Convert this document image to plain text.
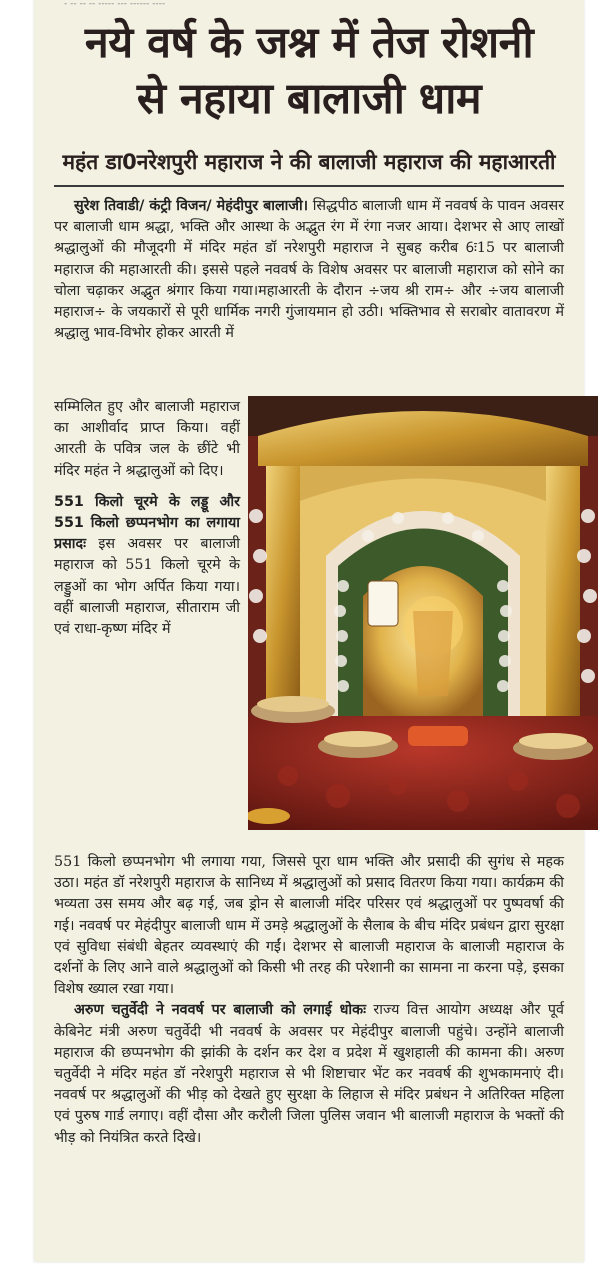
‐ ‐‐ ‐‐ ‐‐ ‐‐‐‐‐ ‐‐‐ ‐‐‐‐‐‐ ‐‐‐‐
नये वर्ष के जश्न में तेज रोशनी
से नहाया बालाजी धाम
महंत डा0नरेशपुरी महाराज ने की बालाजी महाराज की महाआरती

सुरेश तिवाडी/ कंट्री विजन/ मेहंदीपुर बालाजी। सिद्धपीठ बालाजी धाम में नववर्ष के पावन अवसर पर बालाजी धाम श्रद्धा, भक्ति और आस्था के अद्भुत रंग में रंगा नजर आया। देशभर से आए लाखों श्रद्धालुओं की मौजूदगी में मंदिर महंत डॉ नरेशपुरी महाराज ने सुबह करीब 6ः15 पर बालाजी महाराज की महाआरती की। इससे पहले नववर्ष के विशेष अवसर पर बालाजी महाराज को सोने का चोला चढ़ाकर अद्भुत श्रंगार किया गया।महाआरती के दौरान ÷जय श्री राम÷ और ÷जय बालाजी महाराज÷ के जयकारों से पूरी धार्मिक नगरी गुंजायमान हो उठी। भक्तिभाव से सराबोर वातावरण में श्रद्धालु भाव-विभोर होकर आरती में

सम्मिलित हुए और बालाजी महाराज का आशीर्वाद प्राप्त किया। वहीं आरती के पवित्र जल के छींटे भी मंदिर महंत ने श्रद्धालुओं को दिए।

551 किलो चूरमे के लड्डू और 551 किलो छप्पनभोग का लगाया प्रसादः इस अवसर पर बालाजी महाराज को 551 किलो चूरमे के लड्डुओं का भोग अर्पित किया गया। वहीं बालाजी महाराज, सीताराम जी एवं राधा-कृष्ण मंदिर में

551 किलो छप्पनभोग भी लगाया गया, जिससे पूरा धाम भक्ति और प्रसादी की सुगंध से महक उठा। महंत डॉ नरेशपुरी महाराज के सानिध्य में श्रद्धालुओं को प्रसाद वितरण किया गया। कार्यक्रम की भव्यता उस समय और बढ़ गई, जब ड्रोन से बालाजी मंदिर परिसर एवं श्रद्धालुओं पर पुष्पवर्षा की गई। नववर्ष पर मेहंदीपुर बालाजी धाम में उमड़े श्रद्धालुओं के सैलाब के बीच मंदिर प्रबंधन द्वारा सुरक्षा एवं सुविधा संबंधी बेहतर व्यवस्थाएं की गईं। देशभर से बालाजी महाराज के बालाजी महाराज के दर्शनों के लिए आने वाले श्रद्धालुओं को किसी भी तरह की परेशानी का सामना ना करना पड़े, इसका विशेष ख्याल रखा गया।

अरुण चतुर्वेदी ने नववर्ष पर बालाजी को लगाई धोकः राज्य वित्त आयोग अध्यक्ष और पूर्व केबिनेट मंत्री अरुण चतुर्वेदी भी नववर्ष के अवसर पर मेहंदीपुर बालाजी पहुंचे। उन्होंने बालाजी महाराज की छप्पनभोग की झांकी के दर्शन कर देश व प्रदेश में खुशहाली की कामना की। अरुण चतुर्वेदी ने मंदिर महंत डॉ नरेशपुरी महाराज से भी शिष्टाचार भेंट कर नववर्ष की शुभकामनाएं दी। नववर्ष पर श्रद्धालुओं की भीड़ को देखते हुए सुरक्षा के लिहाज से मंदिर प्रबंधन ने अतिरिक्त महिला एवं पुरुष गार्ड लगाए। वहीं दौसा और करौली जिला पुलिस जवान भी बालाजी महाराज के भक्तों की भीड़ को नियंत्रित करते दिखे।
